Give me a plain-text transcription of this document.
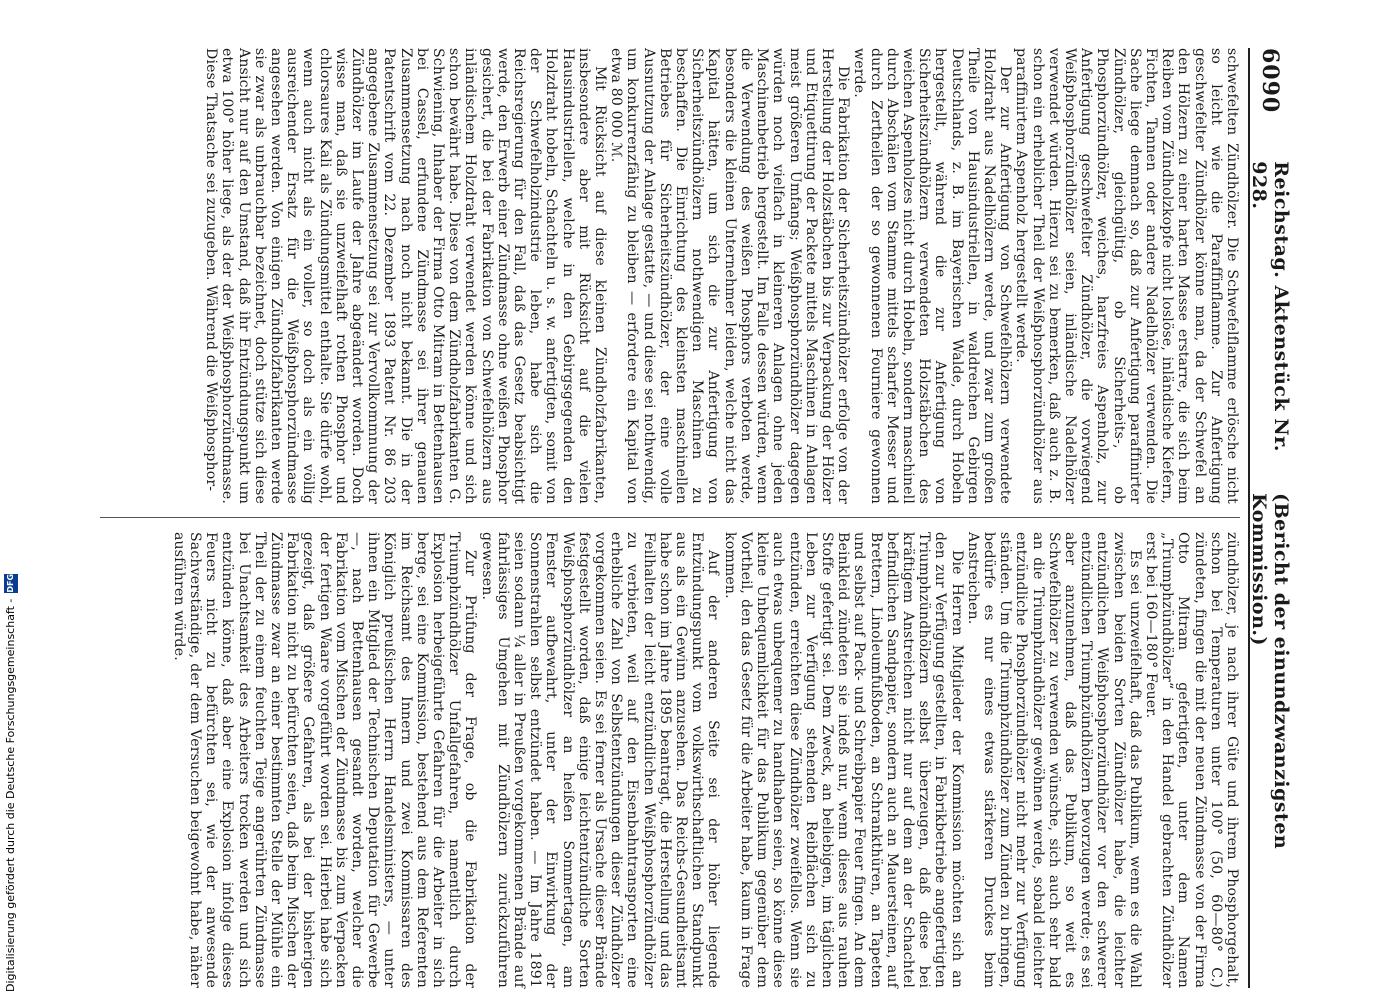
6090
Reichstag. Aktenstück Nr. 928.
(Bericht der einundzwanzigsten Kommission.)

schwefelten Zündhölzer. Die Schwefelflamme erlösche nicht so leicht wie die Paraffinflamme. Zur Anfertigung geschwefelter Zündhölzer könne man, da der Schwefel an den Hölzern zu einer harten Masse erstarre, die sich beim Reiben vom Zündholzkopfe nicht loslöse, inländische Kiefern, Fichten, Tannen oder andere Nadelhölzer verwenden. Die Sache liege demnach so, daß zur Anfertigung paraffinirter Zündhölzer, gleichgültig, ob Sicherheits-, ob Phosphorzündhölzer, weiches, harzfreies Aspenholz, zur Anfertigung geschwefelter Zündhölzer, die vorwiegend Weißphosphorzündhölzer seien, inländische Nadelhölzer verwendet würden. Hierzu sei zu bemerken, daß auch z. B. schon ein erheblicher Theil der Weißphosphorzündhölzer aus paraffinirtem Aspenholz hergestellt werde.

Der zur Anfertigung von Schwefelhölzern verwendete Holzdraht aus Nadelhölzern werde, und zwar zum großen Theile von Hausindustriellen, in waldreichen Gebirgen Deutschlands, z. B. im Bayerischen Walde, durch Hobeln hergestellt, während die zur Anfertigung von Sicherheitszündhölzern verwendeten Holzstäbchen des weichen Aspenholzes nicht durch Hobeln, sondern maschinell durch Abschälen vom Stamme mittels scharfer Messer und durch Zertheilen der so gewonnenen Fourniere gewonnen werde.

Die Fabrikation der Sicherheitszündhölzer erfolge von der Herstellung der Holzstäbchen bis zur Verpackung der Hölzer und Etiquettirung der Packete mittels Maschinen in Anlagen meist größeren Umfangs; Weißphosphorzündhölzer dagegen würden noch vielfach in kleineren Anlagen ohne jeden Maschinenbetrieb hergestellt. Im Falle dessen würden, wenn die Verwendung des weißen Phosphors verboten werde, besonders die kleinen Unternehmer leiden, welche nicht das Kapital hätten, um sich die zur Anfertigung von Sicherheitszündhölzern nothwendigen Maschinen zu beschaffen. Die Einrichtung des kleinsten maschinellen Betriebes für Sicherheitszündhölzer, der eine volle Ausnutzung der Anlage gestatte, — und diese sei nothwendig, um konkurrenzfähig zu bleiben — erfordere ein Kapital von etwa 80 000 ℳ.

Mit Rücksicht auf diese kleinen Zündholzfabrikanten, insbesondere aber mit Rücksicht auf die vielen Hausindustriellen, welche in den Gebirgsgegenden den Holzdraht hobeln, Schachteln u. s. w. anfertigten, somit von der Schwefelholzindustrie leben, habe sich die Reichsregierung für den Fall, daß das Gesetz beabsichtigt werde, den Erwerb einer Zündmasse ohne weißen Phosphor gesichert, die bei der Fabrikation von Schwefelhölzern aus inländischem Holzdraht verwendet werden könne und sich schon bewährt habe. Diese von dem Zündholzfabrikanten G. Schwiening, Inhaber der Firma Otto Mitram in Bettenhausen bei Cassel, erfundene Zündmasse sei ihrer genauen Zusammensetzung nach noch nicht bekannt. Die in der Patentschrift vom 22. Dezember 1893 Patent Nr. 86 203 angegebene Zusammensetzung sei zur Vervollkommnung der Zündhölzer im Laufe der Jahre abgeändert worden. Doch wisse man, daß sie unzweifelhaft rothen Phosphor und chlorsaures Kali als Zündungsmittel enthalte. Sie dürfe wohl, wenn auch nicht als ein voller, so doch als ein völlig ausreichender Ersatz für die Weißphosphorzündmasse angesehen werden. Von einigen Zündholzfabrikanten werde sie zwar als unbrauchbar bezeichnet, doch stütze sich diese Ansicht nur auf den Umstand, daß ihr Entzündungspunkt um etwa 100° höher liege, als der der Weißphosphorzündmasse. Diese Thatsache sei zuzugeben. Während die Weißphosphor-

zündhölzer, je nach ihrer Güte und ihrem Phosphorgehalt, schon bei Temperaturen unter 100° (50, 60—80° C.) zündeten, fingen die mit der neuen Zündmasse von der Firma Otto Mitram gefertigten, unter dem Namen „Triumphzündhölzer“ in den Handel gebrachten Zündhölzer erst bei 160—180° Feuer.

Es sei unzweifelhaft, daß das Publikum, wenn es die Wahl zwischen beiden Sorten Zündhölzer habe, die leichter entzündlichen Weißphosphorzündhölzer vor den schwerer entzündlichen Triumphzündhölzern bevorzugen werde; es sei aber anzunehmen, daß das Publikum, so weit es Schwefelhölzer zu verwenden wünsche, sich auch sehr bald an die Triumphzündhölzer gewöhnen werde, sobald leichter entzündliche Phosphorzündhölzer nicht mehr zur Verfügung ständen. Um die Triumphzündhölzer zum Zünden zu bringen, bedürfe es nur eines etwas stärkeren Druckes beim Anstreichen.

Die Herren Mitglieder der Kommission möchten sich an den zur Verfügung gestellten, in Fabrikbetriebe angefertigten Triumphzündhölzern selbst überzeugen, daß diese bei kräftigem Anstreichen nicht nur auf dem an der Schachtel befindlichen Sandpapier, sondern auch an Mauersteinen, auf Brettern, Linoleumfußboden, an Schrankthüren, an Tapeten und selbst auf Pack- und Schreibpapier Feuer fingen. An dem Beinkleid zündeten sie indeß nur, wenn dieses aus rauhen Stoffe gefertigt sei. Dem Zweck, an beliebigen, im täglichen Leben zur Verfügung stehenden Reibflächen sich zu entzünden, erreichten diese Zündhölzer zweifellos. Wenn sie auch etwas unbequemer zu handhaben seien, so könne diese kleine Unbequemlichkeit für das Publikum gegenüber dem Vortheil, den das Gesetz für die Arbeiter habe, kaum in Frage kommen.

Auf der anderen Seite sei der höher liegende Entzündungspunkt vom volkswirthschaftlichen Standpunkt aus als ein Gewinn anzusehen. Das Reichs-Gesundheitsamt habe schon im Jahre 1895 beantragt, die Herstellung und das Feilhalten der leicht entzündlichen Weißphosphorzündhölzer zu verbieten, weil auf den Eisenbahntransporten eine erhebliche Zahl von Selbstentzündungen dieser Zündhölzer vorgekommen seien. Es sei ferner als Ursache dieser Brände festgestellt worden, daß einige leichtentzündliche Sorten Weißphosphorzündhölzer an heißen Sommertagen, am Fenster aufbewahrt, unter der Einwirkung der Sonnenstrahlen selbst entzündet haben. — Im Jahre 1891 seien sodann ¼ aller in Preußen vorgekommenen Brände auf fahrlässiges Umgehen mit Zündhölzern zurückzuführen gewesen.

Zur Prüfung der Frage, ob die Fabrikation der Triumphzündhölzer Unfallgefahren, namentlich durch Explosion herbeigeführte Gefahren für die Arbeiter in sich berge, sei eine Kommission, bestehend aus dem Referenten im Reichsamt des Innern und zwei Kommissaren des Königlich preußischen Herrn Handelsministers, — unter ihnen ein Mitglied der Technischen Deputation für Gewerbe —, nach Bettenhausen gesandt worden, welcher die Fabrikation vom Mischen der Zündmasse bis zum Verpacken der fertigen Waare vorgeführt worden sei. Hierbei habe sich gezeigt, daß größere Gefahren, als bei der bisherigen Fabrikation nicht zu befürchten seien, daß beim Mischen der Zündmasse zwar an einer bestimmten Stelle der Mühle ein Theil der zu einem feuchten Teige angerührten Zündmasse bei Unachtsamkeit des Arbeiters trocken werden und sich entzünden könne, daß aber eine Explosion infolge dieses Feuers nicht zu befürchten sei, wie der anwesende Sachverständige, der dem Versuchen beigewohnt habe, näher ausführen würde.

Digitalisierung gefördert durch die Deutsche Forschungsgemeinschaft -
DFG
